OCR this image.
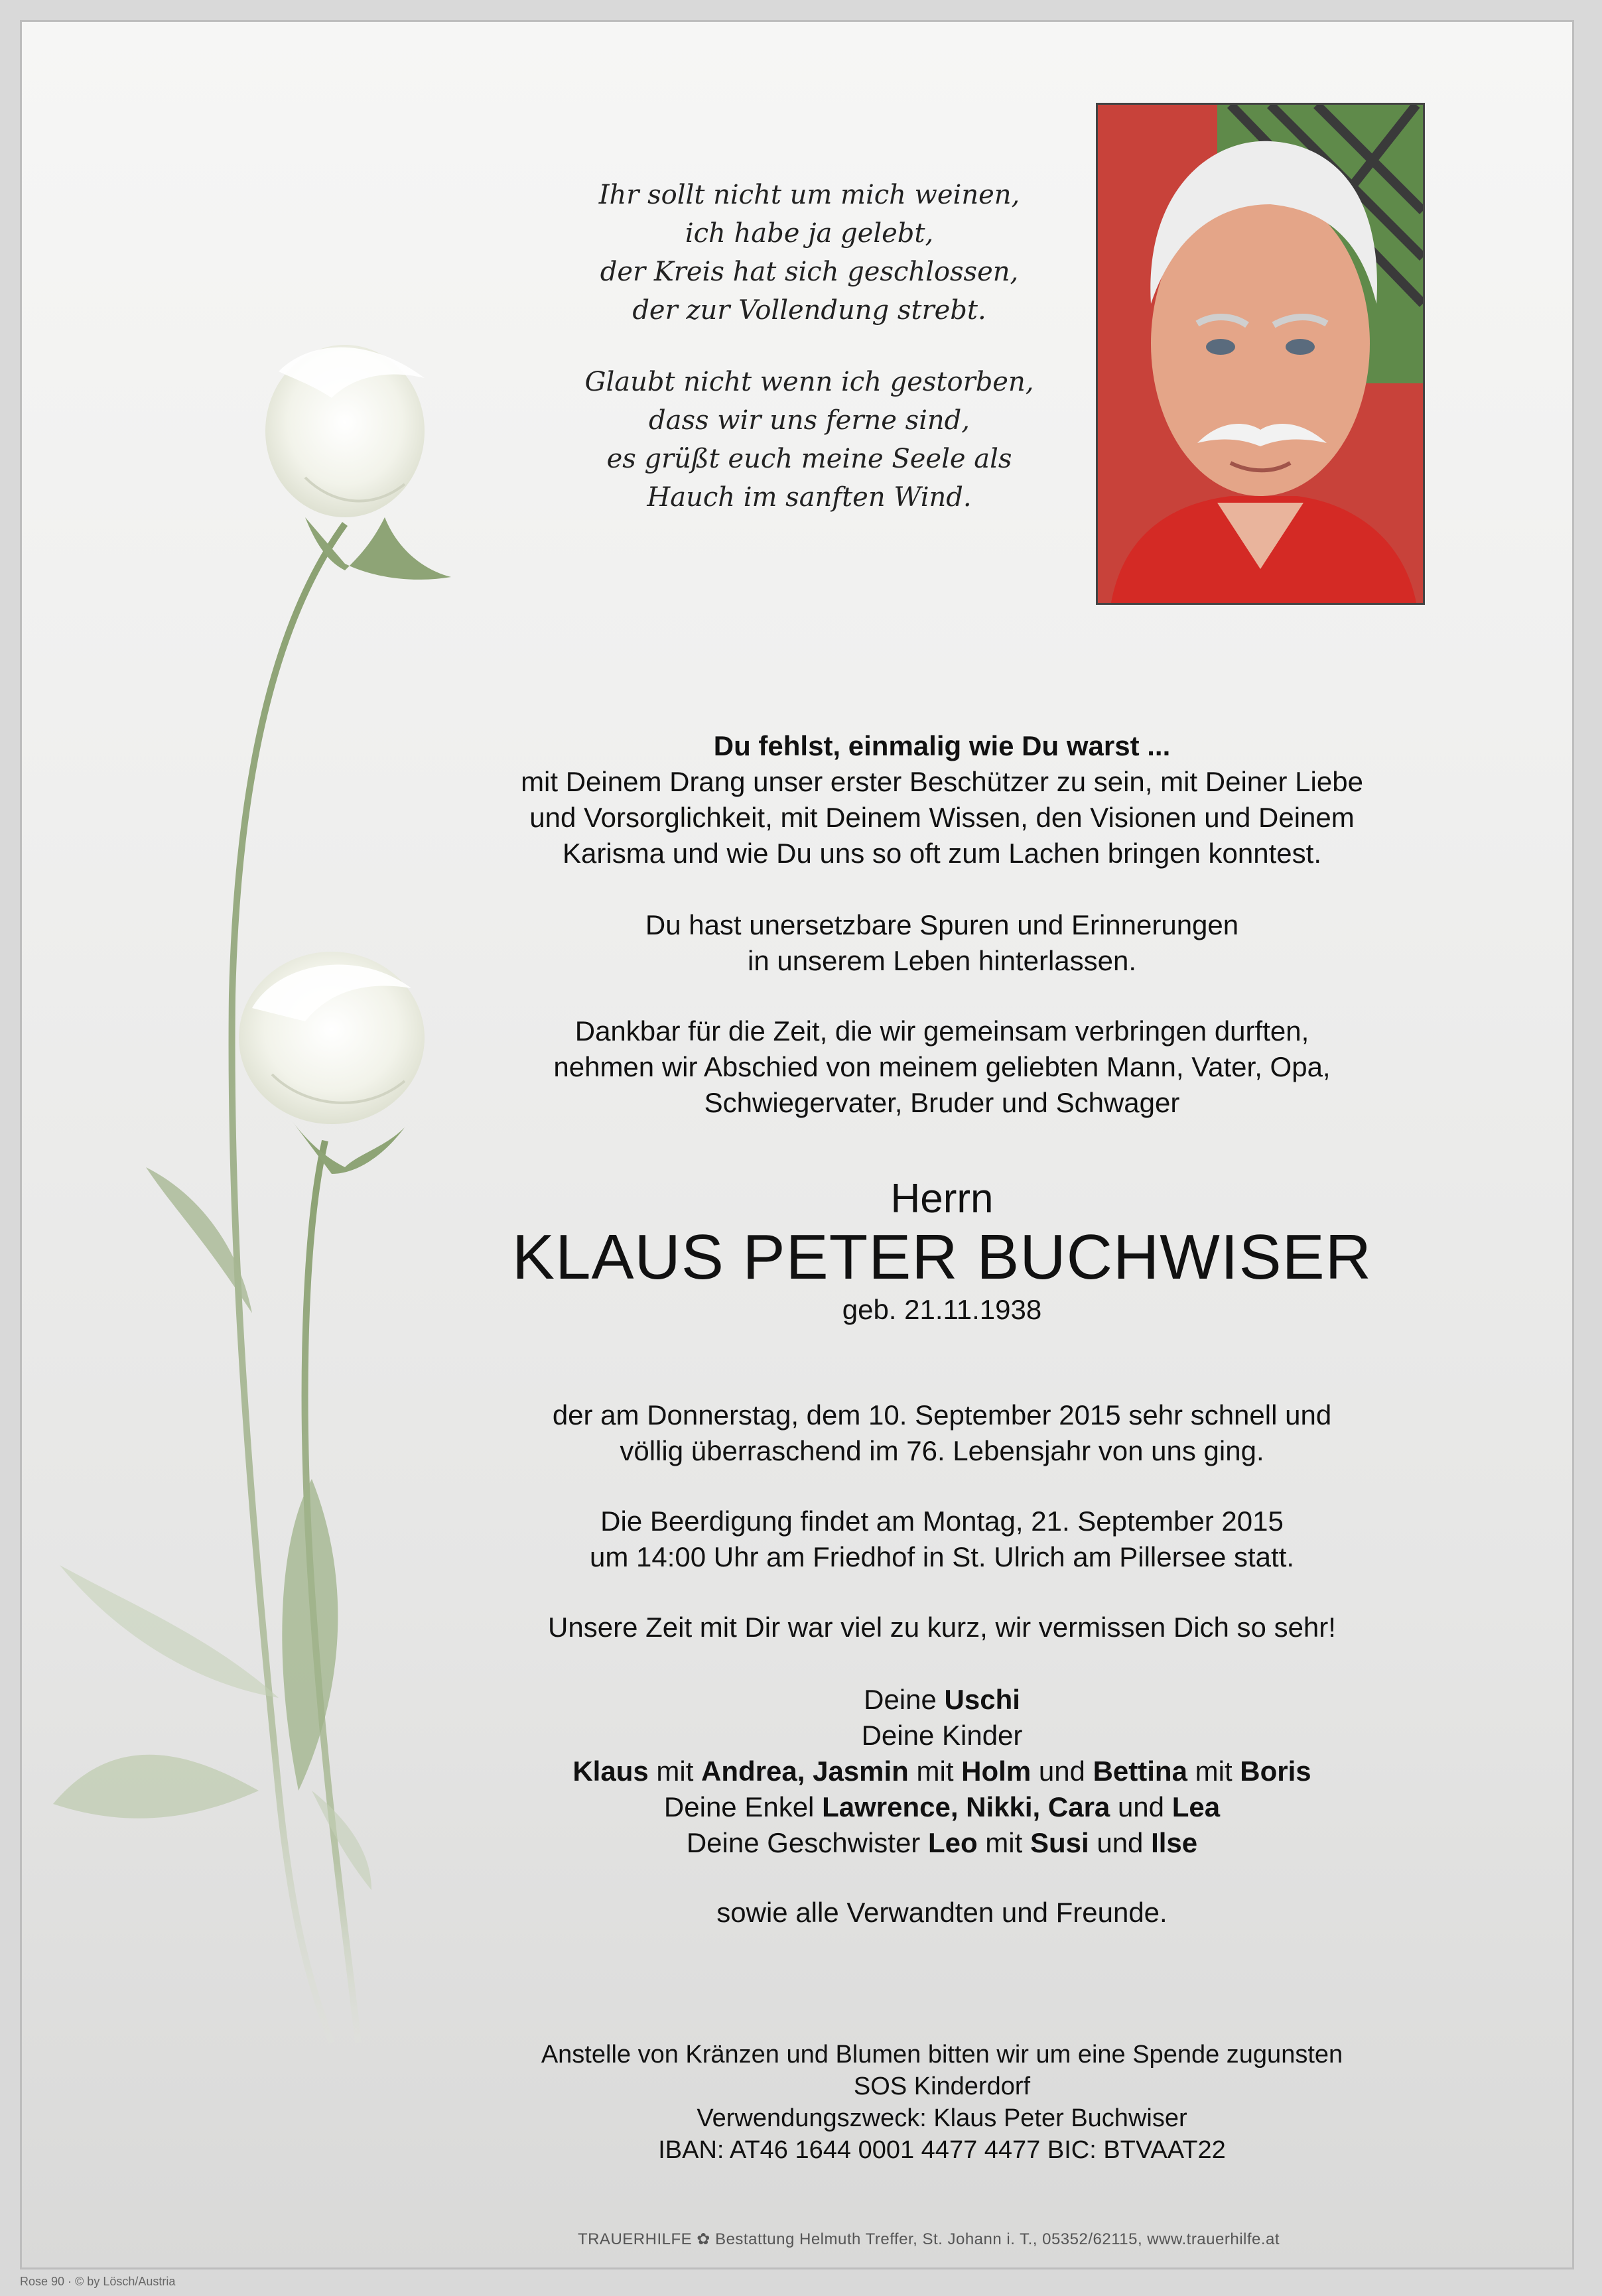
Ihr sollt nicht um mich weinen,
ich habe ja gelebt,
der Kreis hat sich geschlossen,
der zur Vollendung strebt.

Glaubt nicht wenn ich gestorben,
dass wir uns ferne sind,
es grüßt euch meine Seele als
Hauch im sanften Wind.

Du fehlst, einmalig wie Du warst ...

mit Deinem Drang unser erster Beschützer zu sein, mit Deiner Liebe

und Vorsorglichkeit, mit Deinem Wissen, den Visionen und Deinem

Karisma und wie Du uns so oft zum Lachen bringen konntest.

Du hast unersetzbare Spuren und Erinnerungen

in unserem Leben hinterlassen.

Dankbar für die Zeit, die wir gemeinsam verbringen durften,

nehmen wir Abschied von meinem geliebten Mann, Vater, Opa,

Schwiegervater, Bruder und Schwager

Herrn

KLAUS PETER BUCHWISER

geb. 21.11.1938

der am Donnerstag, dem 10. September 2015 sehr schnell und

völlig überraschend im 76. Lebensjahr von uns ging.

Die Beerdigung findet am Montag, 21. September 2015

um 14:00 Uhr am Friedhof in St. Ulrich am Pillersee statt.

Unsere Zeit mit Dir war viel zu kurz, wir vermissen Dich so sehr!

Deine Uschi

Deine Kinder

Klaus mit Andrea, Jasmin mit Holm und Bettina mit Boris

Deine Enkel Lawrence, Nikki, Cara und Lea

Deine Geschwister Leo mit Susi und Ilse

sowie alle Verwandten und Freunde.

Anstelle von Kränzen und Blumen bitten wir um eine Spende zugunsten

SOS Kinderdorf

Verwendungszweck: Klaus Peter Buchwiser

IBAN: AT46 1644 0001 4477 4477 BIC: BTVAAT22

TRAUERHILFE ✿ Bestattung Helmuth Treffer, St. Johann i. T., 05352/62115, www.trauerhilfe.at
Rose 90 · © by Lösch/Austria
